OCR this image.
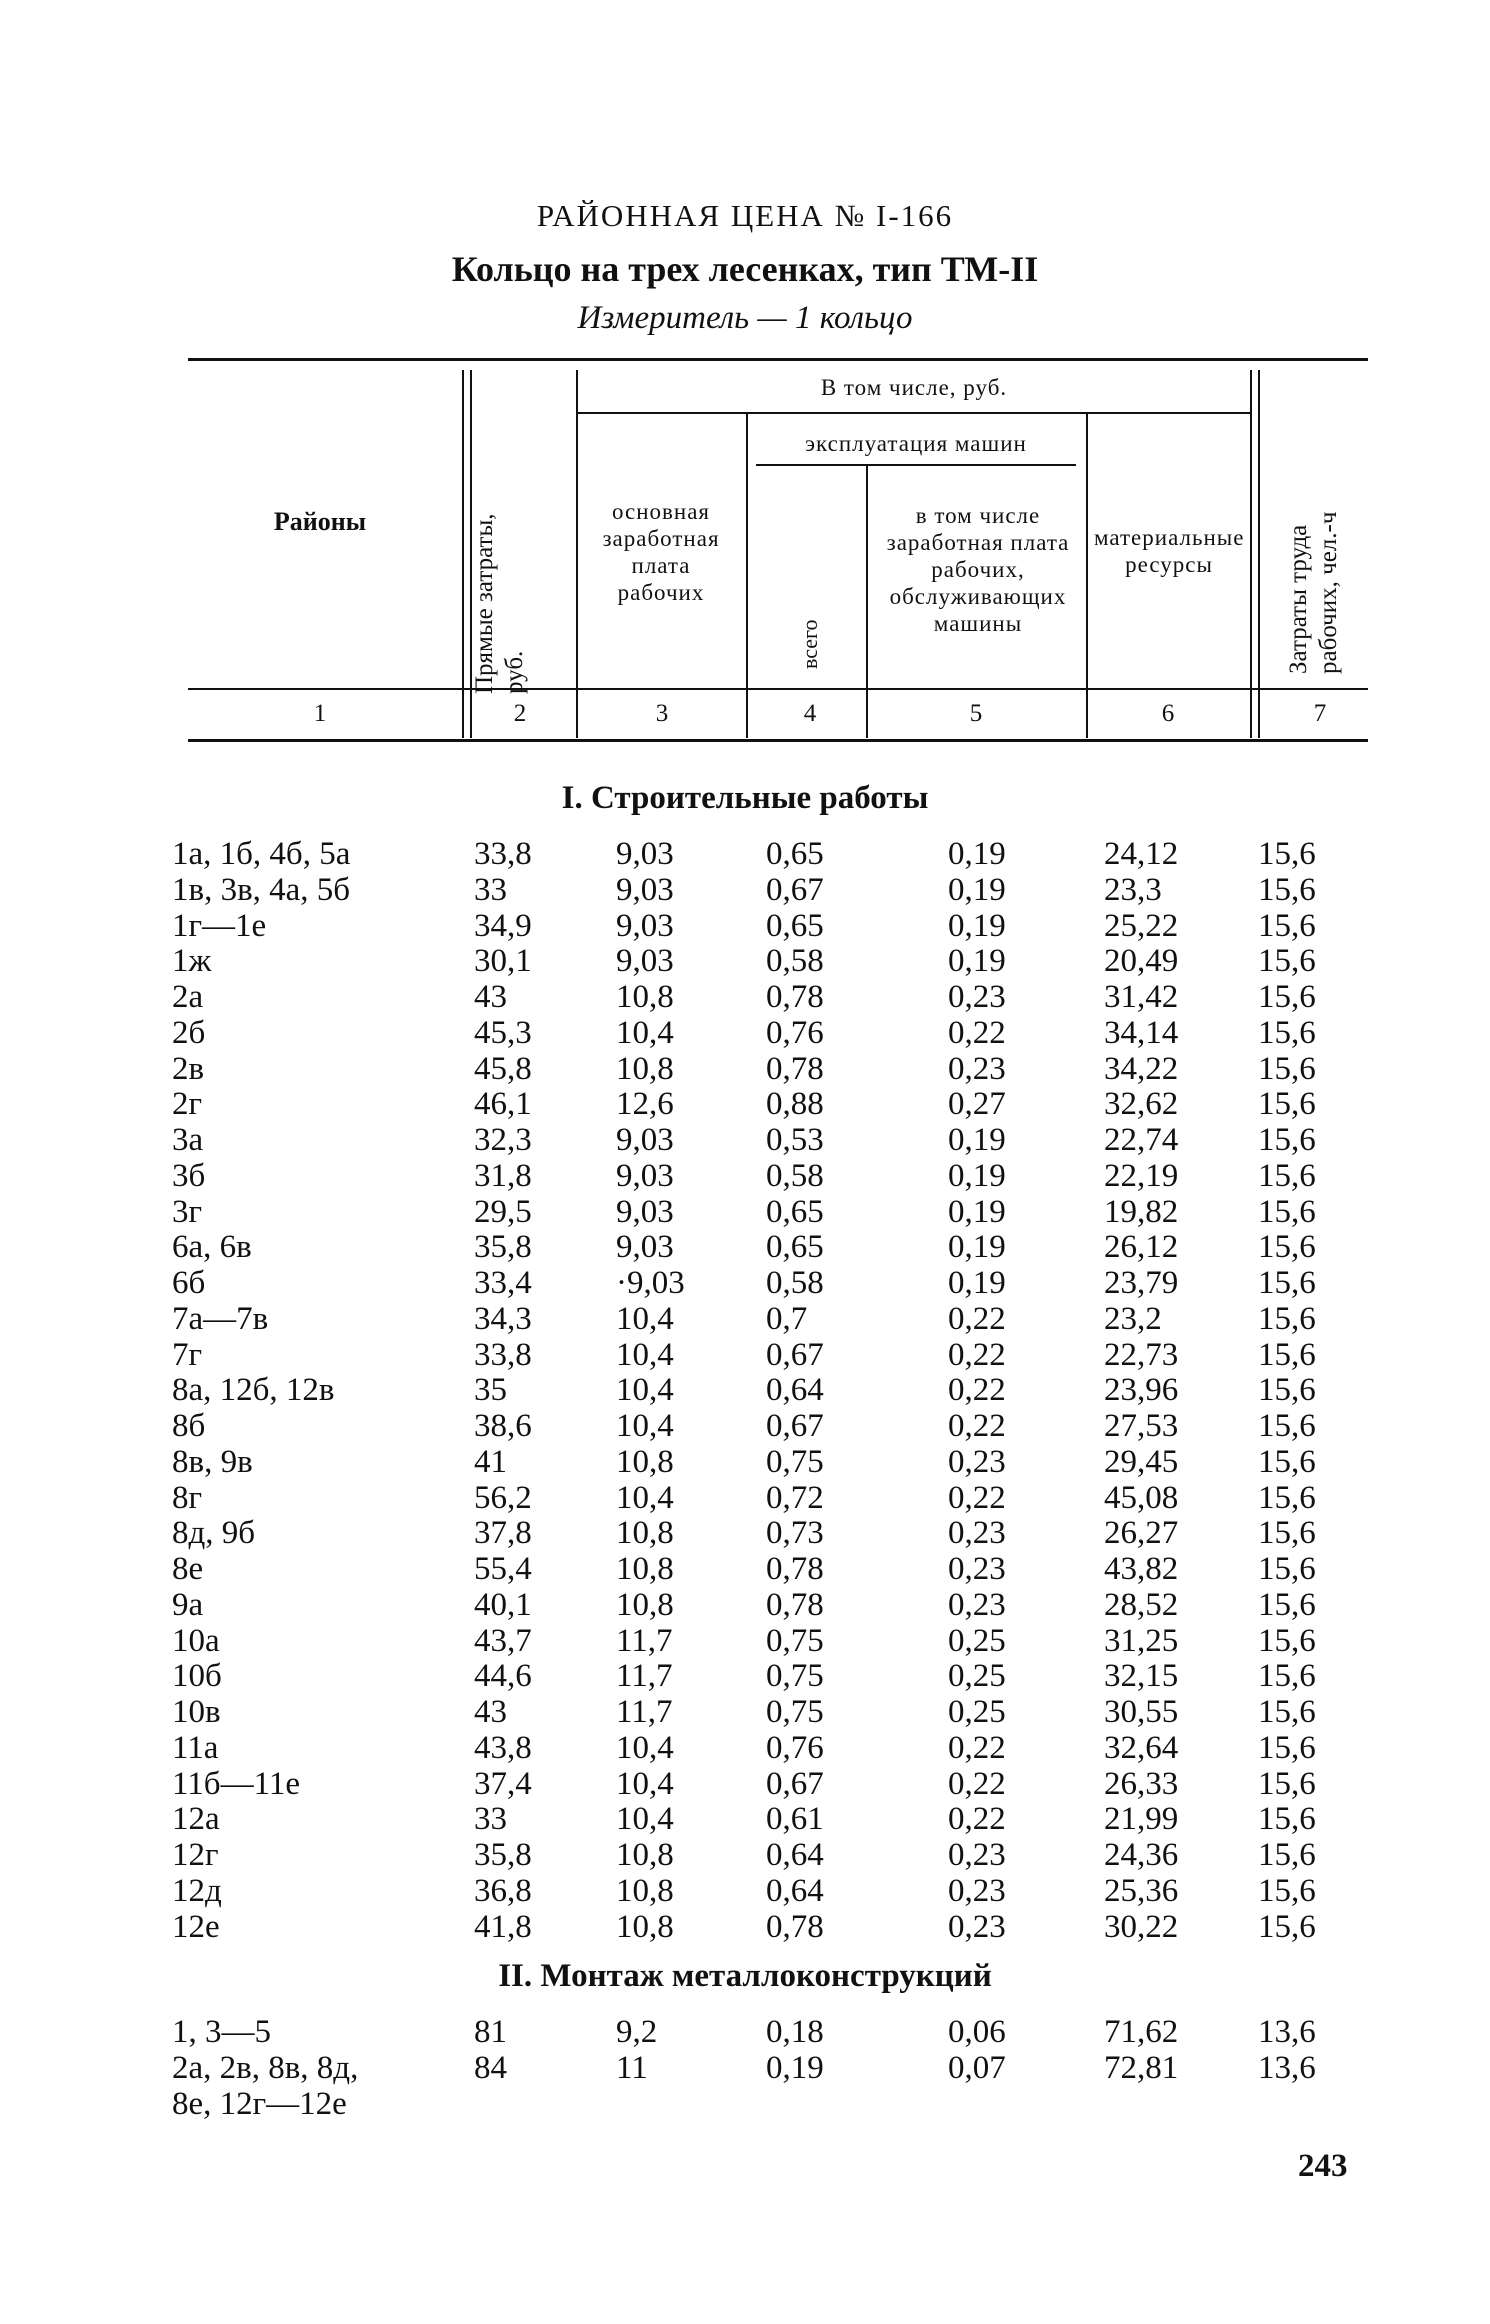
РАЙОННАЯ ЦЕНА № І-166
Кольцо на трех лесенках, тип ТМ-ІІ
Измеритель — 1 кольцо
Районы	Прямые затраты, руб.
В том числе, руб.
основная заработная плата рабочих
эксплуатация машин
всего
в том числе заработная плата рабочих, обслуживающих машины
материальные ресурсы	Затраты труда рабочих, чел.-ч
1	2	3	4	5	6	7
I. Строительные работы
1а, 1б, 4б, 5а	33,8	9,03	0,65	0,19	24,12 15,6
1в, 3в, 4а, 5б	33	9,03	0,67	0,19	23,3	15,6
1г—1е	34,9	9,03	0,65	0,19	25,22 15,6
1ж	30,1	9,03	0,58	0,19	20,49 15,6
2а	43	10,8	0,78	0,23	31,42 15,6
2б	45,3	10,4	0,76	0,22	34,14 15,6
2в	45,8	10,8	0,78	0,23	34,22 15,6
2г	46,1	12,6	0,88	0,27	32,62 15,6
3а	32,3	9,03	0,53	0,19	22,74 15,6
3б	31,8	9,03	0,58	0,19	22,19 15,6
3г	29,5	9,03	0,65	0,19	19,82 15,6
6а, 6в	35,8	9,03	0,65	0,19	26,12 15,6
6б	33,4	·9,03 0,58	0,19	23,79 15,6
7а—7в	34,3	10,4	0,7	0,22	23,2	15,6
7г	33,8	10,4	0,67	0,22	22,73 15,6
8а, 12б, 12в	35	10,4	0,64	0,22	23,96 15,6
8б	38,6	10,4	0,67	0,22	27,53 15,6
8в, 9в	41	10,8	0,75	0,23	29,45 15,6
8г	56,2	10,4	0,72	0,22	45,08 15,6
8д, 9б	37,8	10,8	0,73	0,23	26,27 15,6
8е	55,4	10,8	0,78	0,23	43,82 15,6
9а	40,1	10,8	0,78	0,23	28,52 15,6
10а	43,7	11,7	0,75	0,25	31,25 15,6
10б	44,6	11,7	0,75	0,25	32,15 15,6
10в	43	11,7	0,75	0,25	30,55 15,6
11а	43,8	10,4	0,76	0,22	32,64 15,6
11б—11е	37,4	10,4	0,67	0,22	26,33 15,6
12а	33	10,4	0,61	0,22	21,99 15,6
12г	35,8	10,8	0,64	0,23	24,36 15,6
12д	36,8	10,8	0,64	0,23	25,36 15,6
12е	41,8	10,8	0,78	0,23	30,22 15,6
II. Монтаж металлоконструкций
1, 3—5	81	9,2	0,18	0,06	71,62 13,6
2а, 2в, 8в, 8д,	84	11	0,19	0,07	72,81 13,6
8е, 12г—12е
243
